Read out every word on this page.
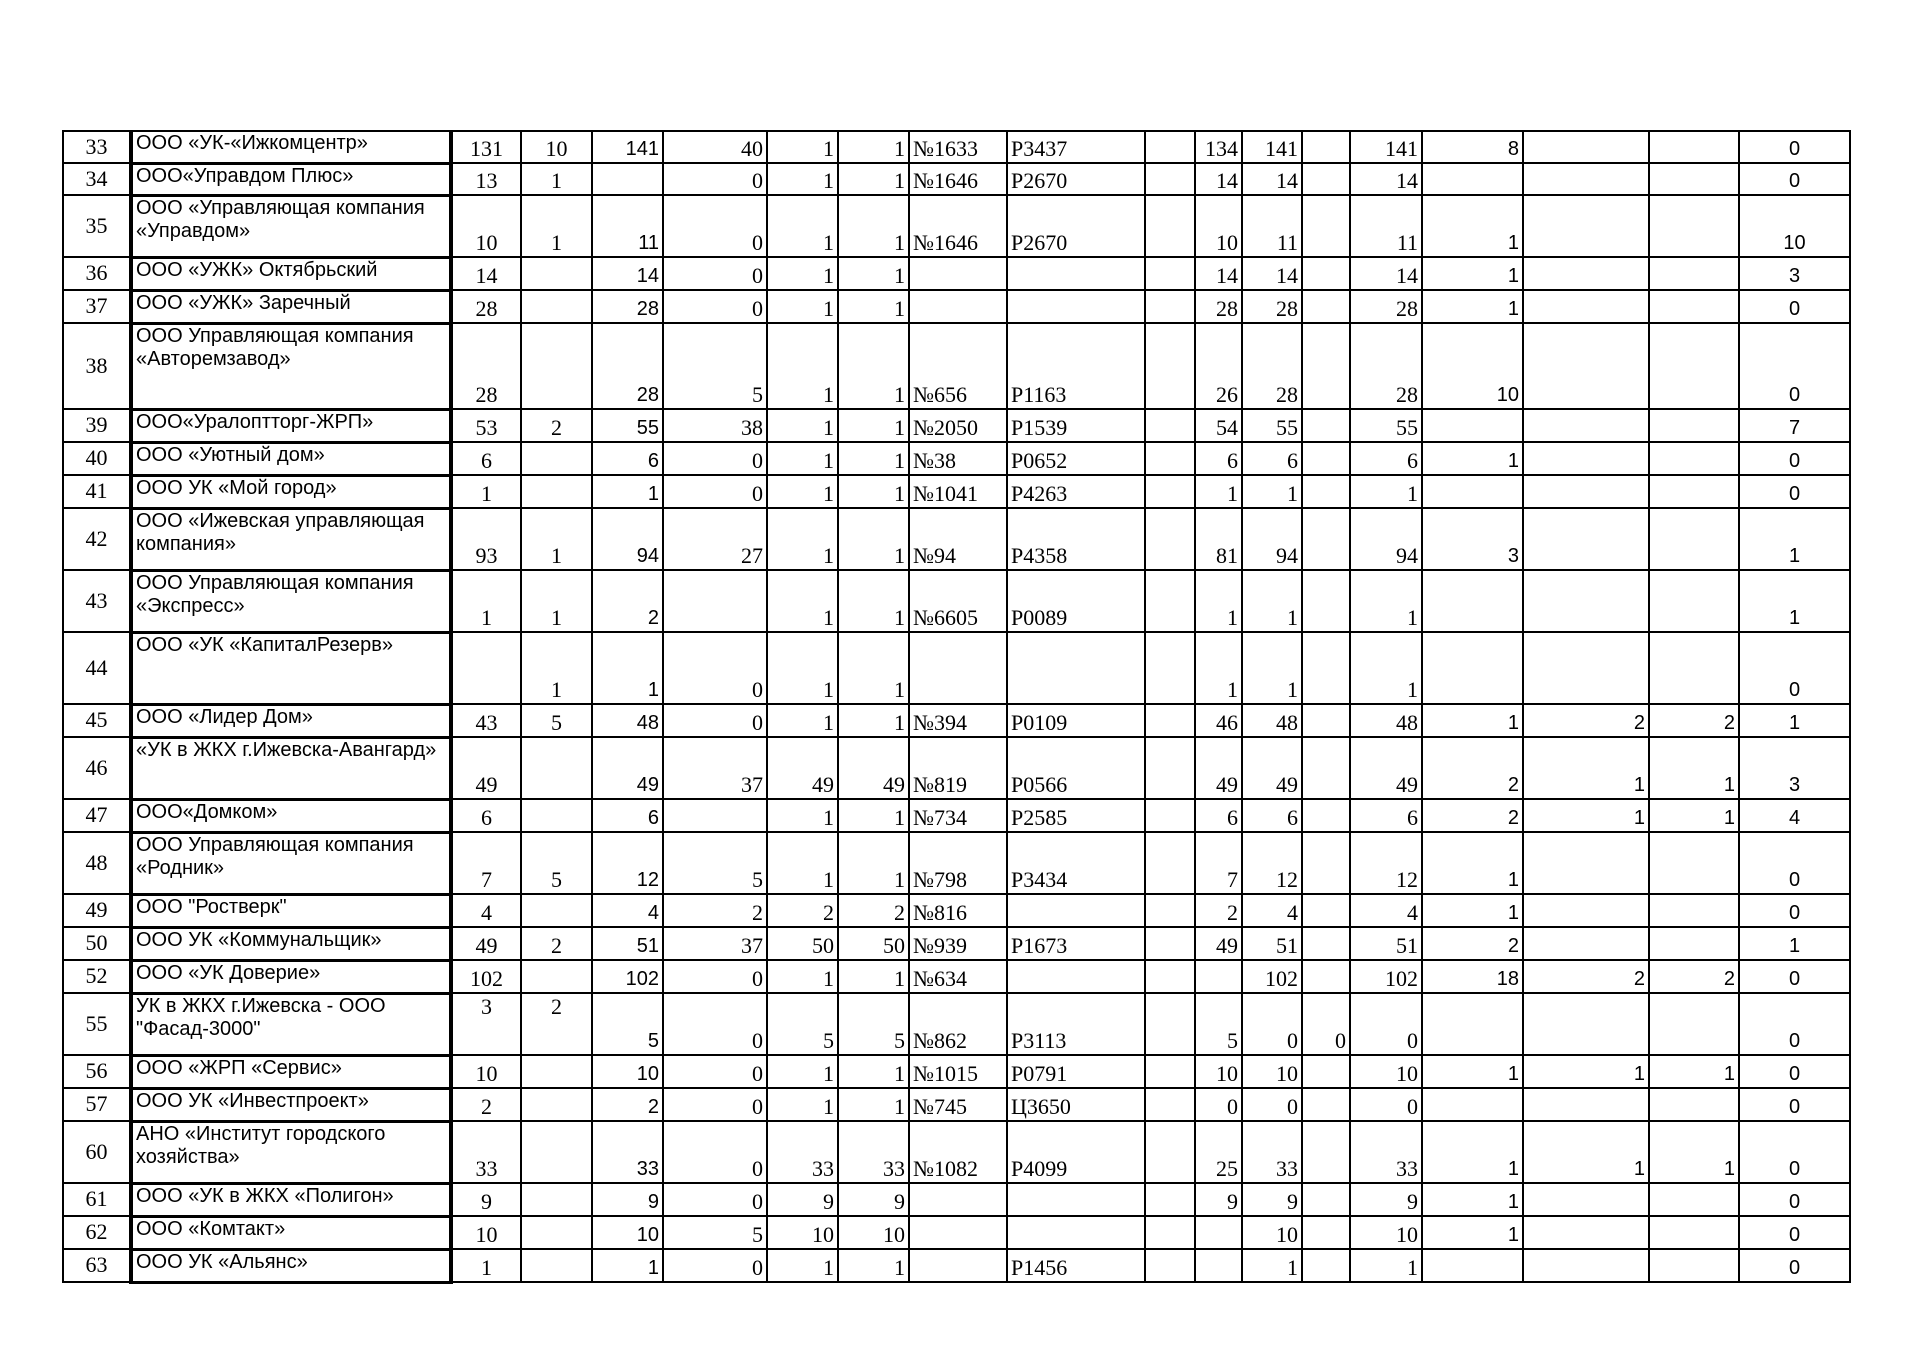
33	ООО «УК-«Ижкомцентр»	131	10	141	40	1	1	№1633	Р3437		134	141		141	8			0
34	ООО«Управдом Плюс»	13	1		0	1	1	№1646	Р2670		14	14		14				0
35	ООО «Управляющая компания «Управдом»	10	1	11	0	1	1	№1646	Р2670		10	11		11	1			10
36	ООО «УЖК» Октябрьский	14		14	0	1	1				14	14		14	1			3
37	ООО «УЖК» Заречный	28		28	0	1	1				28	28		28	1			0
38	ООО Управляющая компания «Авторемзавод»	28		28	5	1	1	№656	Р1163		26	28		28	10			0
39	ООО«Уралоптторг-ЖРП»	53	2	55	38	1	1	№2050	Р1539		54	55		55				7
40	ООО «Уютный дом»	6		6	0	1	1	№38	Р0652		6	6		6	1			0
41	ООО УК «Мой город»	1		1	0	1	1	№1041	Р4263		1	1		1				0
42	ООО «Ижевская управляющая компания»	93	1	94	27	1	1	№94	Р4358		81	94		94	3			1
43	ООО Управляющая компания «Экспресс»	1	1	2		1	1	№6605	Р0089		1	1		1				1
44	ООО «УК «КапиталРезерв»		1	1	0	1	1				1	1		1				0
45	ООО «Лидер Дом»	43	5	48	0	1	1	№394	Р0109		46	48		48	1	2	2	1
46	«УК в ЖКХ г.Ижевска-Авангард»	49		49	37	49	49	№819	Р0566		49	49		49	2	1	1	3
47	ООО«Домком»	6		6		1	1	№734	Р2585		6	6		6	2	1	1	4
48	ООО Управляющая компания «Родник»	7	5	12	5	1	1	№798	Р3434		7	12		12	1			0
49	ООО "Ростверк"	4		4	2	2	2	№816			2	4		4	1			0
50	ООО УК «Коммунальщик»	49	2	51	37	50	50	№939	Р1673		49	51		51	2			1
52	ООО «УК Доверие»	102		102	0	1	1	№634				102		102	18	2	2	0
55	УК в ЖКХ г.Ижевска - ООО "Фасад-3000"	3	2	5	0	5	5	№862	Р3113		5	0	0	0				0
56	ООО «ЖРП «Сервис»	10		10	0	1	1	№1015	Р0791		10	10		10	1	1	1	0
57	ООО УК «Инвестпроект»	2		2	0	1	1	№745	Ц3650		0	0		0				0
60	АНО «Институт городского хозяйства»	33		33	0	33	33	№1082	Р4099		25	33		33	1	1	1	0
61	ООО «УК в ЖКХ «Полигон»	9		9	0	9	9				9	9		9	1			0
62	ООО «Комтакт»	10		10	5	10	10					10		10	1			0
63	ООО УК «Альянс»	1		1	0	1	1		Р1456			1		1				0
